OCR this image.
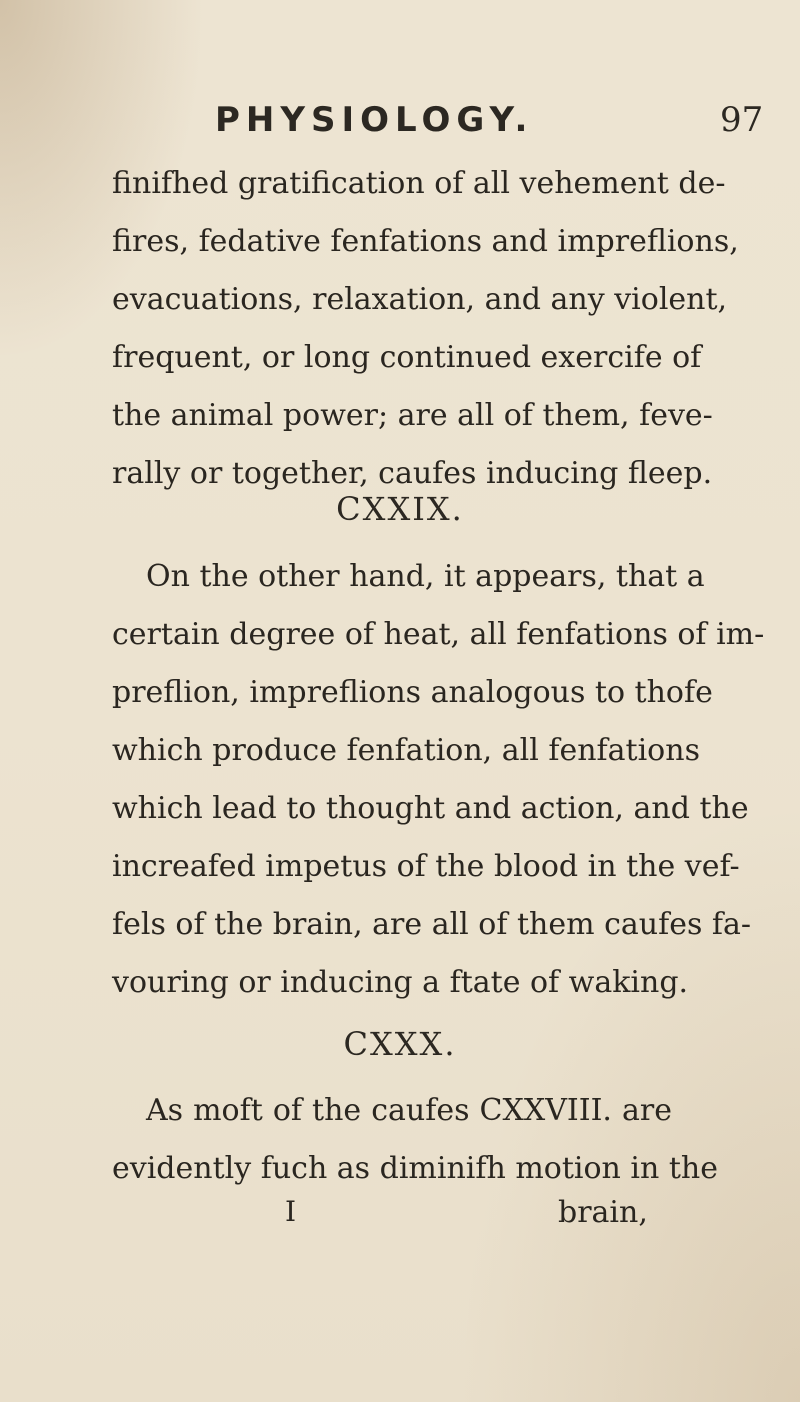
PHYSIOLOGY.	97
finifhed gratification of all vehement de-
fires, fedative fenfations and impreflions,
evacuations, relaxation, and any violent,
frequent, or long continued exercife of
the animal power; are all of them, feve-
rally or together, caufes inducing fleep.
CXXIX.
On the other hand, it appears, that a
certain degree of heat, all fenfations of im-
preflion, impreflions analogous to thofe
which produce fenfation, all fenfations
which lead to thought and action, and the
increafed impetus of the blood in the vef-
fels of the brain, are all of them caufes fa-
vouring or inducing a ftate of waking.
CXXX.
As moft of the caufes CXXVIII. are
evidently fuch as diminifh motion in the
I	brain,
